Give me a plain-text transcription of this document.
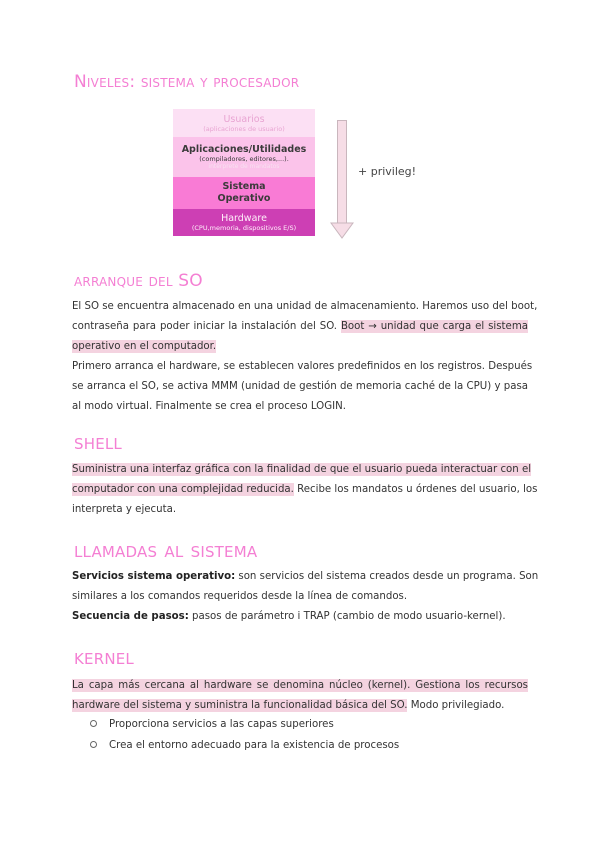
Niveles: sistema y procesador
Usuarios
(aplicaciones de usuario)
Aplicaciones/Utilidades
(compiladores, editores,...).
intérprete de mandatos
Sistema
Operativo
Hardware
(CPU,memoria, dispositivos E/S)
+ privileg!
arranque del SO
El SO se encuentra almacenado en una unidad de almacenamiento. Haremos uso del boot,
contraseña para poder iniciar la instalación del SO. Boot → unidad que carga el sistema
operativo en el computador.
Primero arranca el hardware, se establecen valores predefinidos en los registros. Después
se arranca el SO, se activa MMM (unidad de gestión de memoria caché de la CPU) y pasa
al modo virtual. Finalmente se crea el proceso LOGIN.
shell
Suministra una interfaz gráfica con la finalidad de que el usuario pueda interactuar con el
computador con una complejidad reducida. Recibe los mandatos u órdenes del usuario, los
interpreta y ejecuta.
llamadas al sistema
Servicios sistema operativo: son servicios del sistema creados desde un programa. Son
similares a los comandos requeridos desde la línea de comandos.
Secuencia de pasos: pasos de parámetro i TRAP (cambio de modo usuario-kernel).
kernel
La capa más cercana al hardware se denomina núcleo (kernel). Gestiona los recursos
hardware del sistema y suministra la funcionalidad básica del SO. Modo privilegiado.
Proporciona servicios a las capas superiores
Crea el entorno adecuado para la existencia de procesos
